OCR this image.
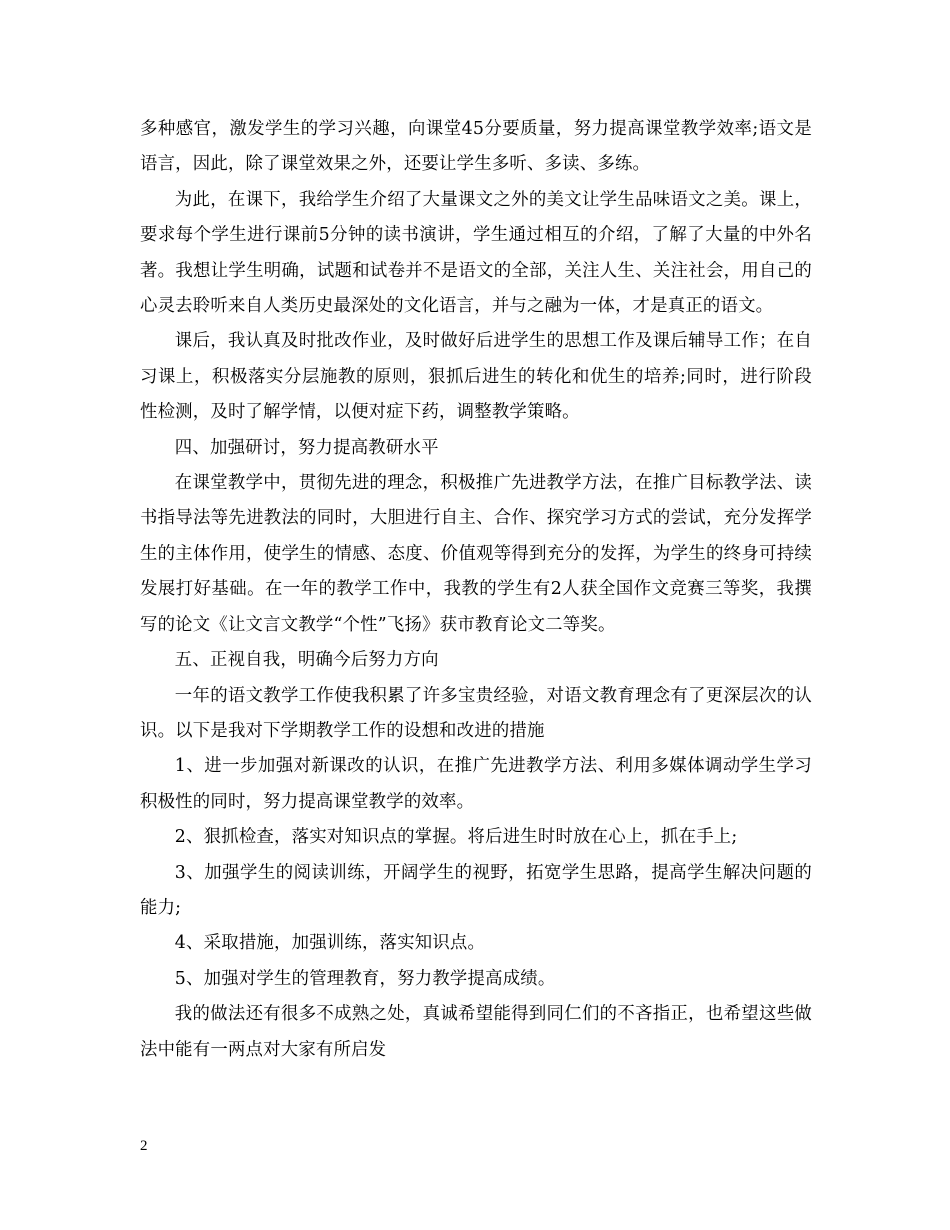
多种感官，激发学生的学习兴趣，向课堂45分要质量，努力提高课堂教学效率;语文是语言，因此，除了课堂效果之外，还要让学生多听、多读、多练。

为此，在课下，我给学生介绍了大量课文之外的美文让学生品味语文之美。课上，要求每个学生进行课前5分钟的读书演讲，学生通过相互的介绍，了解了大量的中外名著。我想让学生明确，试题和试卷并不是语文的全部，关注人生、关注社会，用自己的心灵去聆听来自人类历史最深处的文化语言，并与之融为一体，才是真正的语文。

课后，我认真及时批改作业，及时做好后进学生的思想工作及课后辅导工作；在自习课上，积极落实分层施教的原则，狠抓后进生的转化和优生的培养;同时，进行阶段性检测，及时了解学情，以便对症下药，调整教学策略。

四、加强研讨，努力提高教研水平

在课堂教学中，贯彻先进的理念，积极推广先进教学方法，在推广目标教学法、读书指导法等先进教法的同时，大胆进行自主、合作、探究学习方式的尝试，充分发挥学生的主体作用，使学生的情感、态度、价值观等得到充分的发挥，为学生的终身可持续发展打好基础。在一年的教学工作中，我教的学生有2人获全国作文竞赛三等奖，我撰写的论文《让文言文教学“个性”飞扬》获市教育论文二等奖。

五、正视自我，明确今后努力方向

一年的语文教学工作使我积累了许多宝贵经验，对语文教育理念有了更深层次的认识。以下是我对下学期教学工作的设想和改进的措施

1、进一步加强对新课改的认识，在推广先进教学方法、利用多媒体调动学生学习积极性的同时，努力提高课堂教学的效率。

2、狠抓检查，落实对知识点的掌握。将后进生时时放在心上，抓在手上;

3、加强学生的阅读训练，开阔学生的视野，拓宽学生思路，提高学生解决问题的能力;

4、采取措施，加强训练，落实知识点。

5、加强对学生的管理教育，努力教学提高成绩。

我的做法还有很多不成熟之处，真诚希望能得到同仁们的不吝指正，也希望这些做法中能有一两点对大家有所启发

2
